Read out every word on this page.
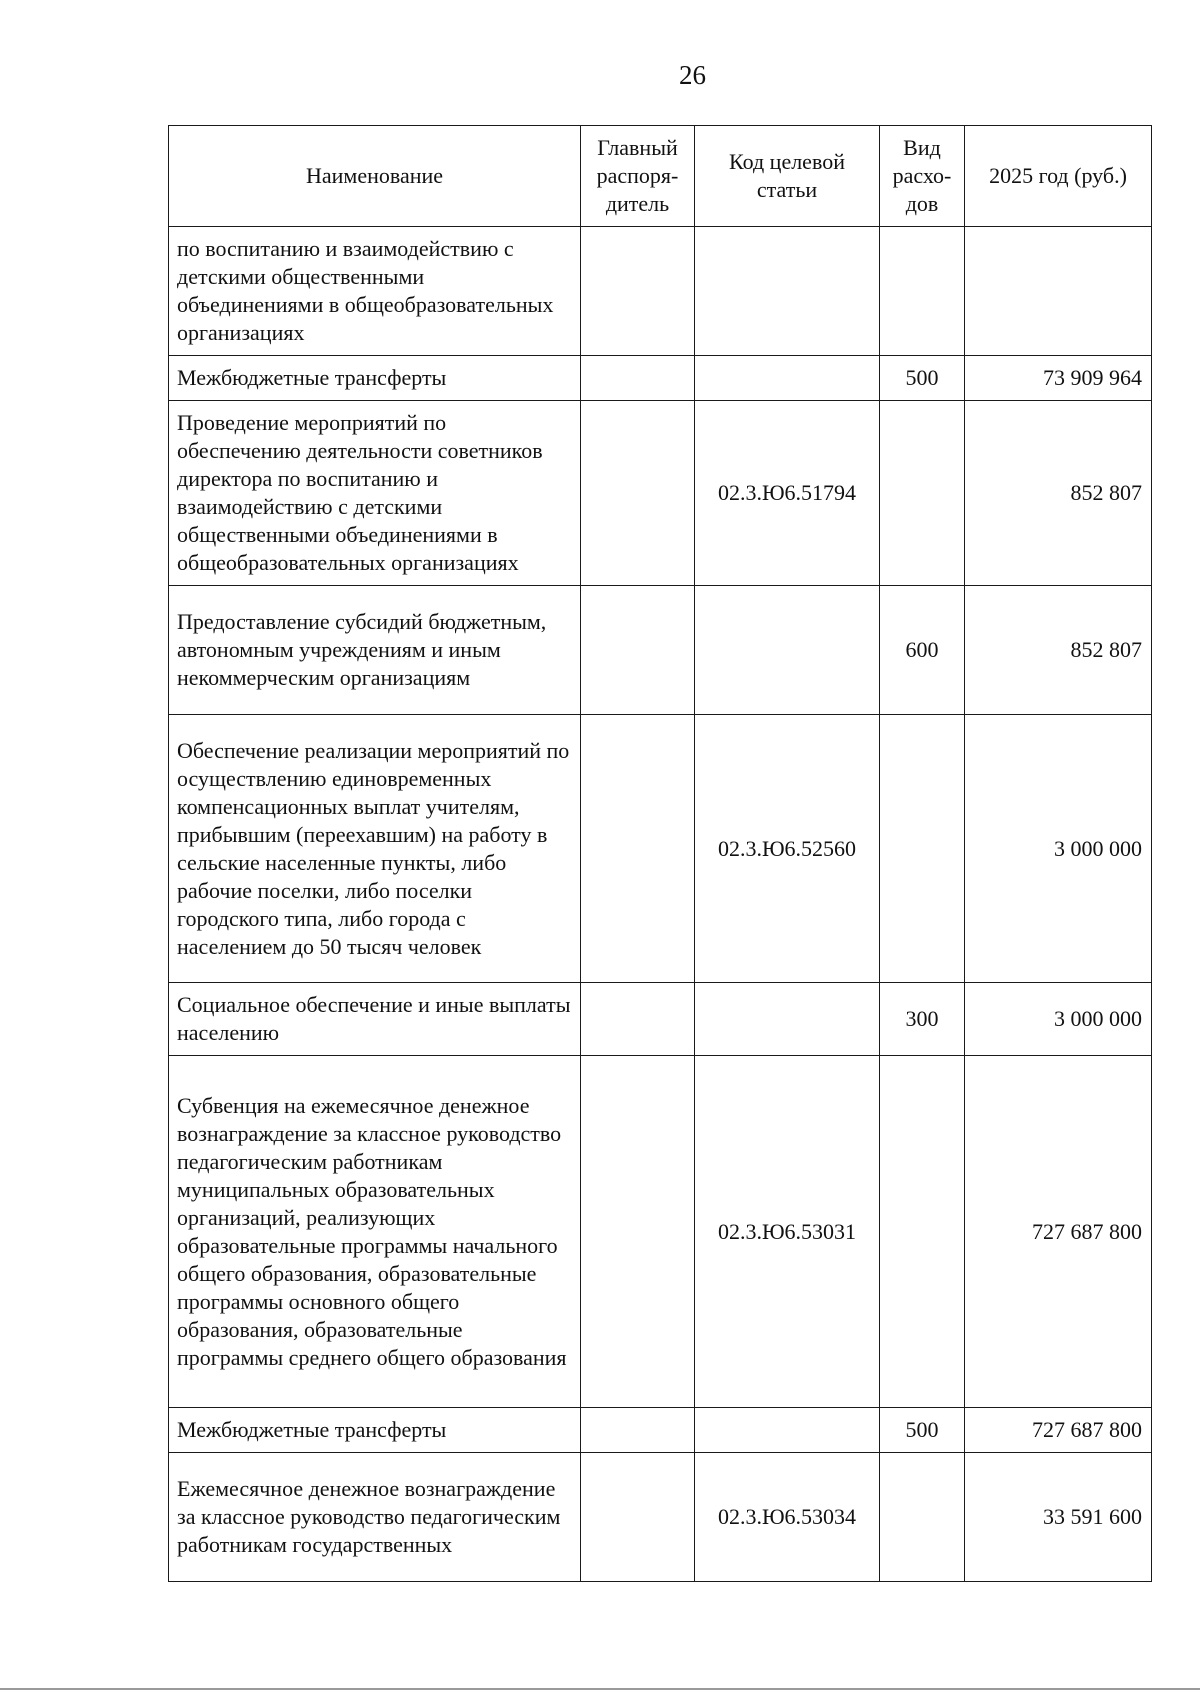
26
Наименование	Главный распоря-дитель	Код целевой статьи	Вид расхо-дов	2025 год (руб.)
по воспитанию и взаимодействию с детскими общественными объединениями в общеобразовательных организациях				
Межбюджетные трансферты			500	73 909 964
Проведение мероприятий по обеспечению деятельности советников директора по воспитанию и взаимодействию с детскими общественными объединениями в общеобразовательных организациях		02.3.Ю6.51794		852 807
Предоставление субсидий бюджетным, автономным учреждениям и иным некоммерческим организациям			600	852 807
Обеспечение реализации мероприятий по осуществлению единовременных компенсационных выплат учителям, прибывшим (переехавшим) на работу в сельские населенные пункты, либо рабочие поселки, либо поселки городского типа, либо города с населением до 50 тысяч человек		02.3.Ю6.52560		3 000 000
Социальное обеспечение и иные выплаты населению			300	3 000 000
Субвенция на ежемесячное денежное вознаграждение за классное руководство педагогическим работникам муниципальных образовательных организаций, реализующих образовательные программы начального общего образования, образовательные программы основного общего образования, образовательные программы среднего общего образования		02.3.Ю6.53031		727 687 800
Межбюджетные трансферты			500	727 687 800
Ежемесячное денежное вознаграждение за классное руководство педагогическим работникам государственных		02.3.Ю6.53034		33 591 600
